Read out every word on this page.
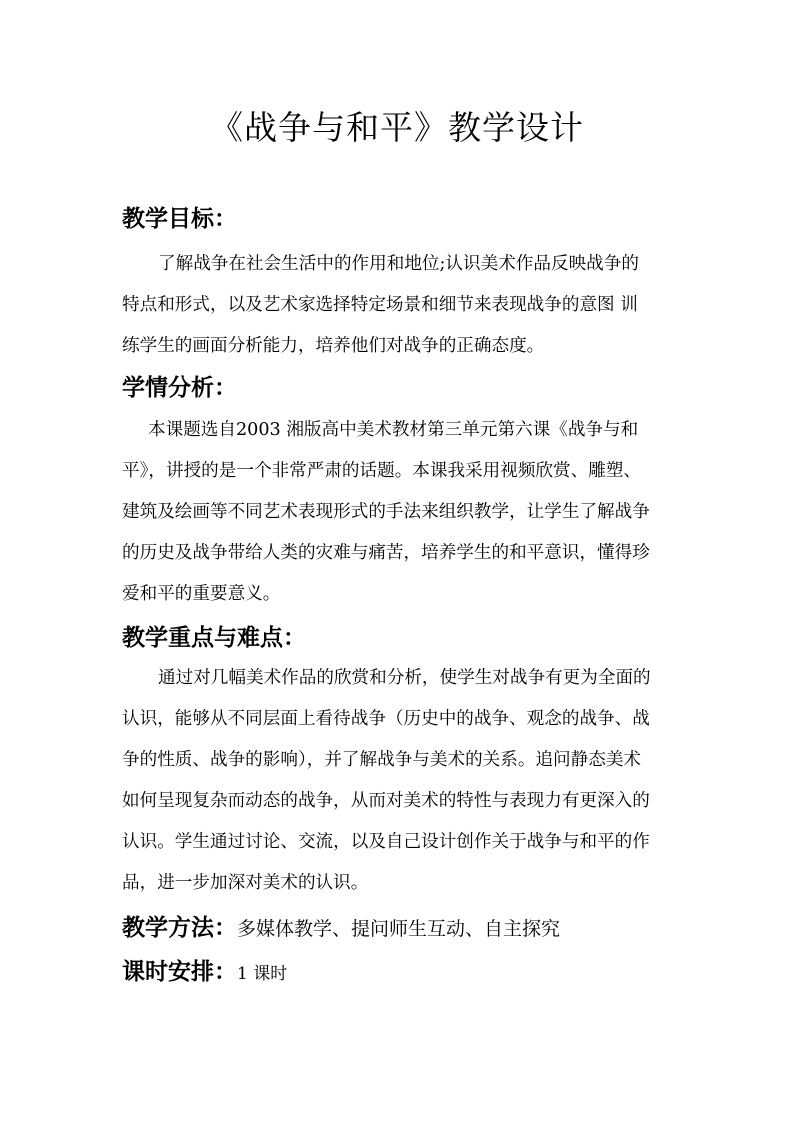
《战争与和平》教学设计
教学目标：
了解战争在社会生活中的作用和地位;认识美术作品反映战争的
特点和形式，以及艺术家选择特定场景和细节来表现战争的意图 训
练学生的画面分析能力，培养他们对战争的正确态度。
学情分析：
本课题选自2003 湘版高中美术教材第三单元第六课《战争与和
平》，讲授的是一个非常严肃的话题。本课我采用视频欣赏、雕塑、
建筑及绘画等不同艺术表现形式的手法来组织教学，让学生了解战争
的历史及战争带给人类的灾难与痛苦，培养学生的和平意识，懂得珍
爱和平的重要意义。
教学重点与难点：
通过对几幅美术作品的欣赏和分析，使学生对战争有更为全面的
认识，能够从不同层面上看待战争（历史中的战争、观念的战争、战
争的性质、战争的影响），并了解战争与美术的关系。追问静态美术
如何呈现复杂而动态的战争，从而对美术的特性与表现力有更深入的
认识。学生通过讨论、交流，以及自己设计创作关于战争与和平的作
品，进一步加深对美术的认识。
教学方法：多媒体教学、提问师生互动、自主探究
课时安排：1 课时
